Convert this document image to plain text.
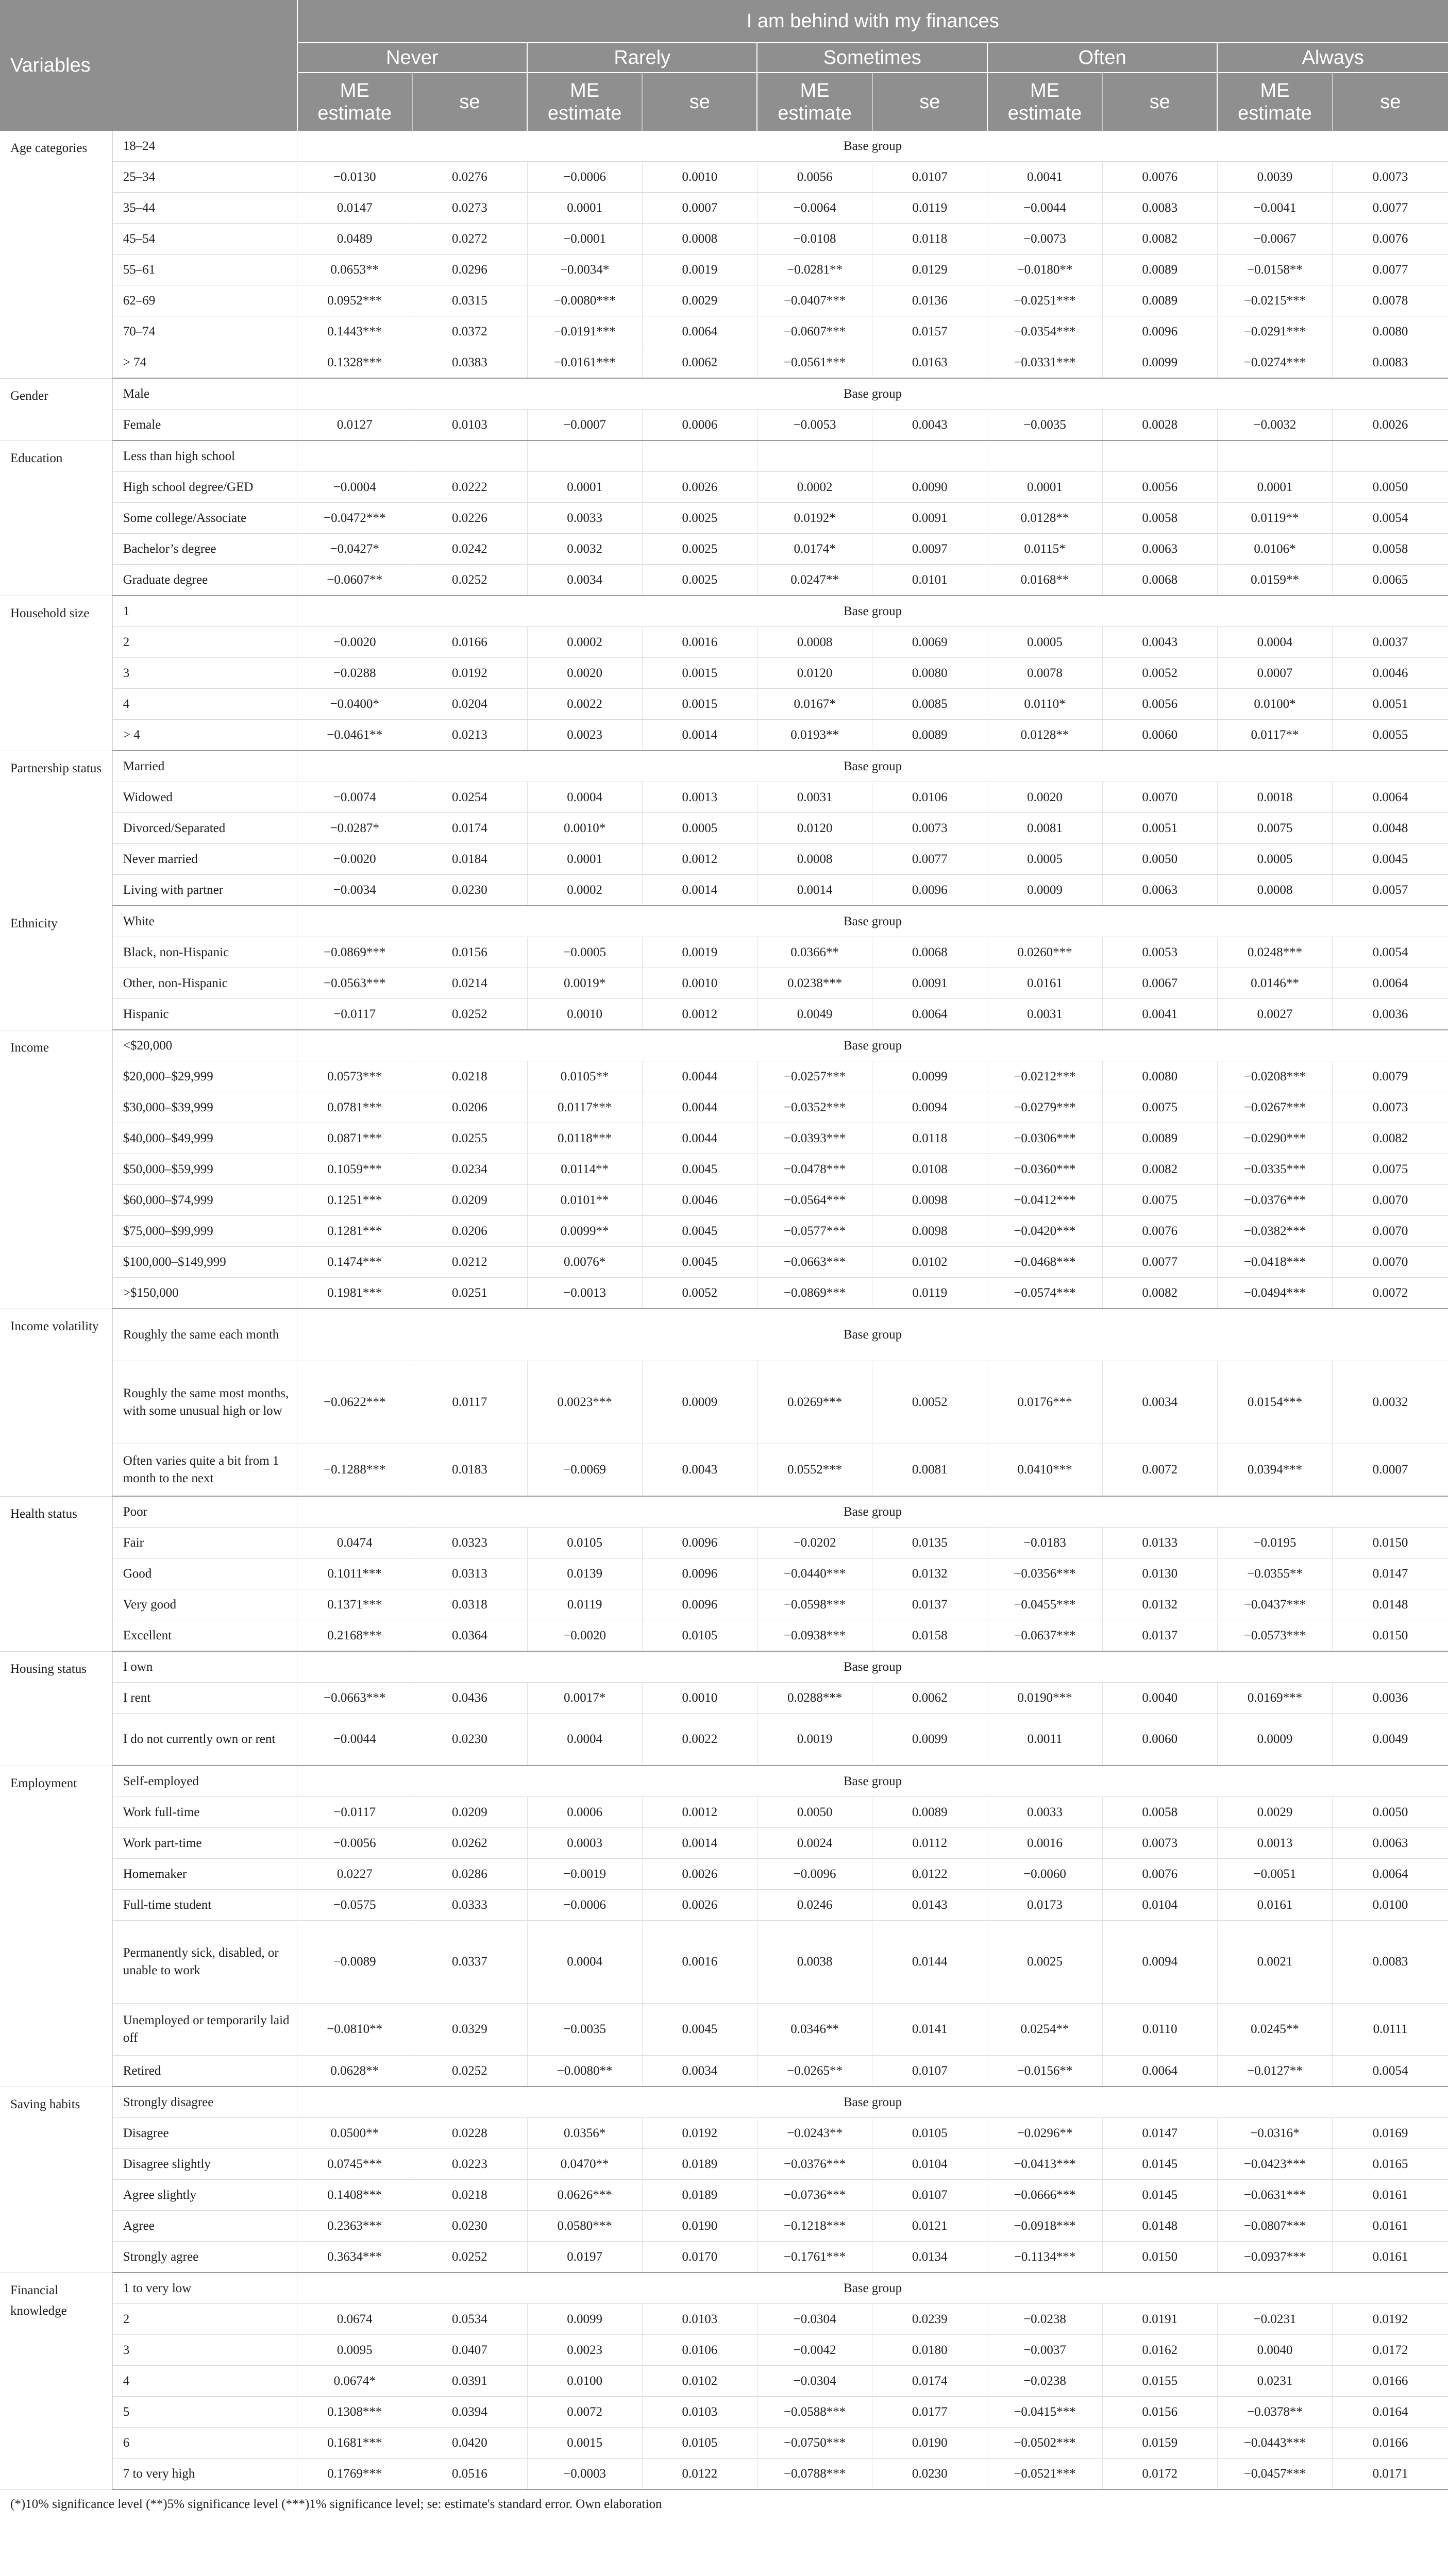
Variables		I am behind with my finances									
		Never		Rarely		Sometimes		Often		Always	
		ME estimate	se	ME estimate	se	ME estimate	se	ME estimate	se	ME estimate	se
Age categories	18–24	Base group									
	25–34	−0.0130	0.0276	−0.0006	0.0010	0.0056	0.0107	0.0041	0.0076	0.0039	0.0073
	35–44	0.0147	0.0273	0.0001	0.0007	−0.0064	0.0119	−0.0044	0.0083	−0.0041	0.0077
	45–54	0.0489	0.0272	−0.0001	0.0008	−0.0108	0.0118	−0.0073	0.0082	−0.0067	0.0076
	55–61	0.0653**	0.0296	−0.0034*	0.0019	−0.0281**	0.0129	−0.0180**	0.0089	−0.0158**	0.0077
	62–69	0.0952***	0.0315	−0.0080***	0.0029	−0.0407***	0.0136	−0.0251***	0.0089	−0.0215***	0.0078
	70–74	0.1443***	0.0372	−0.0191***	0.0064	−0.0607***	0.0157	−0.0354***	0.0096	−0.0291***	0.0080
	> 74	0.1328***	0.0383	−0.0161***	0.0062	−0.0561***	0.0163	−0.0331***	0.0099	−0.0274***	0.0083
Gender	Male	Base group									
	Female	0.0127	0.0103	−0.0007	0.0006	−0.0053	0.0043	−0.0035	0.0028	−0.0032	0.0026
Education	Less than high school										
	High school degree/GED	−0.0004	0.0222	0.0001	0.0026	0.0002	0.0090	0.0001	0.0056	0.0001	0.0050
	Some college/Associate	−0.0472***	0.0226	0.0033	0.0025	0.0192*	0.0091	0.0128**	0.0058	0.0119**	0.0054
	Bachelor’s degree	−0.0427*	0.0242	0.0032	0.0025	0.0174*	0.0097	0.0115*	0.0063	0.0106*	0.0058
	Graduate degree	−0.0607**	0.0252	0.0034	0.0025	0.0247**	0.0101	0.0168**	0.0068	0.0159**	0.0065
Household size	1	Base group									
	2	−0.0020	0.0166	0.0002	0.0016	0.0008	0.0069	0.0005	0.0043	0.0004	0.0037
	3	−0.0288	0.0192	0.0020	0.0015	0.0120	0.0080	0.0078	0.0052	0.0007	0.0046
	4	−0.0400*	0.0204	0.0022	0.0015	0.0167*	0.0085	0.0110*	0.0056	0.0100*	0.0051
	> 4	−0.0461**	0.0213	0.0023	0.0014	0.0193**	0.0089	0.0128**	0.0060	0.0117**	0.0055
Partnership status	Married	Base group									
	Widowed	−0.0074	0.0254	0.0004	0.0013	0.0031	0.0106	0.0020	0.0070	0.0018	0.0064
	Divorced/Separated	−0.0287*	0.0174	0.0010*	0.0005	0.0120	0.0073	0.0081	0.0051	0.0075	0.0048
	Never married	−0.0020	0.0184	0.0001	0.0012	0.0008	0.0077	0.0005	0.0050	0.0005	0.0045
	Living with partner	−0.0034	0.0230	0.0002	0.0014	0.0014	0.0096	0.0009	0.0063	0.0008	0.0057
Ethnicity	White	Base group									
	Black, non-Hispanic	−0.0869***	0.0156	−0.0005	0.0019	0.0366**	0.0068	0.0260***	0.0053	0.0248***	0.0054
	Other, non-Hispanic	−0.0563***	0.0214	0.0019*	0.0010	0.0238***	0.0091	0.0161	0.0067	0.0146**	0.0064
	Hispanic	−0.0117	0.0252	0.0010	0.0012	0.0049	0.0064	0.0031	0.0041	0.0027	0.0036
Income	<$20,000	Base group									
	$20,000–$29,999	0.0573***	0.0218	0.0105**	0.0044	−0.0257***	0.0099	−0.0212***	0.0080	−0.0208***	0.0079
	$30,000–$39,999	0.0781***	0.0206	0.0117***	0.0044	−0.0352***	0.0094	−0.0279***	0.0075	−0.0267***	0.0073
	$40,000–$49,999	0.0871***	0.0255	0.0118***	0.0044	−0.0393***	0.0118	−0.0306***	0.0089	−0.0290***	0.0082
	$50,000–$59,999	0.1059***	0.0234	0.0114**	0.0045	−0.0478***	0.0108	−0.0360***	0.0082	−0.0335***	0.0075
	$60,000–$74,999	0.1251***	0.0209	0.0101**	0.0046	−0.0564***	0.0098	−0.0412***	0.0075	−0.0376***	0.0070
	$75,000–$99,999	0.1281***	0.0206	0.0099**	0.0045	−0.0577***	0.0098	−0.0420***	0.0076	−0.0382***	0.0070
	$100,000–$149,999	0.1474***	0.0212	0.0076*	0.0045	−0.0663***	0.0102	−0.0468***	0.0077	−0.0418***	0.0070
	>$150,000	0.1981***	0.0251	−0.0013	0.0052	−0.0869***	0.0119	−0.0574***	0.0082	−0.0494***	0.0072
Income volatility	Roughly the same each month	Base group									
	Roughly the same most months, with some unusual high or low	−0.0622***	0.0117	0.0023***	0.0009	0.0269***	0.0052	0.0176***	0.0034	0.0154***	0.0032
	Often varies quite a bit from 1 month to the next	−0.1288***	0.0183	−0.0069	0.0043	0.0552***	0.0081	0.0410***	0.0072	0.0394***	0.0007
Health status	Poor	Base group									
	Fair	0.0474	0.0323	0.0105	0.0096	−0.0202	0.0135	−0.0183	0.0133	−0.0195	0.0150
	Good	0.1011***	0.0313	0.0139	0.0096	−0.0440***	0.0132	−0.0356***	0.0130	−0.0355**	0.0147
	Very good	0.1371***	0.0318	0.0119	0.0096	−0.0598***	0.0137	−0.0455***	0.0132	−0.0437***	0.0148
	Excellent	0.2168***	0.0364	−0.0020	0.0105	−0.0938***	0.0158	−0.0637***	0.0137	−0.0573***	0.0150
Housing status	I own	Base group									
	I rent	−0.0663***	0.0436	0.0017*	0.0010	0.0288***	0.0062	0.0190***	0.0040	0.0169***	0.0036
	I do not currently own or rent	−0.0044	0.0230	0.0004	0.0022	0.0019	0.0099	0.0011	0.0060	0.0009	0.0049
Employment	Self-employed	Base group									
	Work full-time	−0.0117	0.0209	0.0006	0.0012	0.0050	0.0089	0.0033	0.0058	0.0029	0.0050
	Work part-time	−0.0056	0.0262	0.0003	0.0014	0.0024	0.0112	0.0016	0.0073	0.0013	0.0063
	Homemaker	0.0227	0.0286	−0.0019	0.0026	−0.0096	0.0122	−0.0060	0.0076	−0.0051	0.0064
	Full-time student	−0.0575	0.0333	−0.0006	0.0026	0.0246	0.0143	0.0173	0.0104	0.0161	0.0100
	Permanently sick, disabled, or unable to work	−0.0089	0.0337	0.0004	0.0016	0.0038	0.0144	0.0025	0.0094	0.0021	0.0083
	Unemployed or temporarily laid off	−0.0810**	0.0329	−0.0035	0.0045	0.0346**	0.0141	0.0254**	0.0110	0.0245**	0.0111
	Retired	0.0628**	0.0252	−0.0080**	0.0034	−0.0265**	0.0107	−0.0156**	0.0064	−0.0127**	0.0054
Saving habits	Strongly disagree	Base group									
	Disagree	0.0500**	0.0228	0.0356*	0.0192	−0.0243**	0.0105	−0.0296**	0.0147	−0.0316*	0.0169
	Disagree slightly	0.0745***	0.0223	0.0470**	0.0189	−0.0376***	0.0104	−0.0413***	0.0145	−0.0423***	0.0165
	Agree slightly	0.1408***	0.0218	0.0626***	0.0189	−0.0736***	0.0107	−0.0666***	0.0145	−0.0631***	0.0161
	Agree	0.2363***	0.0230	0.0580***	0.0190	−0.1218***	0.0121	−0.0918***	0.0148	−0.0807***	0.0161
	Strongly agree	0.3634***	0.0252	0.0197	0.0170	−0.1761***	0.0134	−0.1134***	0.0150	−0.0937***	0.0161
Financial knowledge	1 to very low	Base group									
	2	0.0674	0.0534	0.0099	0.0103	−0.0304	0.0239	−0.0238	0.0191	−0.0231	0.0192
	3	0.0095	0.0407	0.0023	0.0106	−0.0042	0.0180	−0.0037	0.0162	0.0040	0.0172
	4	0.0674*	0.0391	0.0100	0.0102	−0.0304	0.0174	−0.0238	0.0155	0.0231	0.0166
	5	0.1308***	0.0394	0.0072	0.0103	−0.0588***	0.0177	−0.0415***	0.0156	−0.0378**	0.0164
	6	0.1681***	0.0420	0.0015	0.0105	−0.0750***	0.0190	−0.0502***	0.0159	−0.0443***	0.0166
	7 to very high	0.1769***	0.0516	−0.0003	0.0122	−0.0788***	0.0230	−0.0521***	0.0172	−0.0457***	0.0171
(*)10% significance level (**)5% significance level (***)1% significance level; se: estimate's standard error. Own elaboration											
